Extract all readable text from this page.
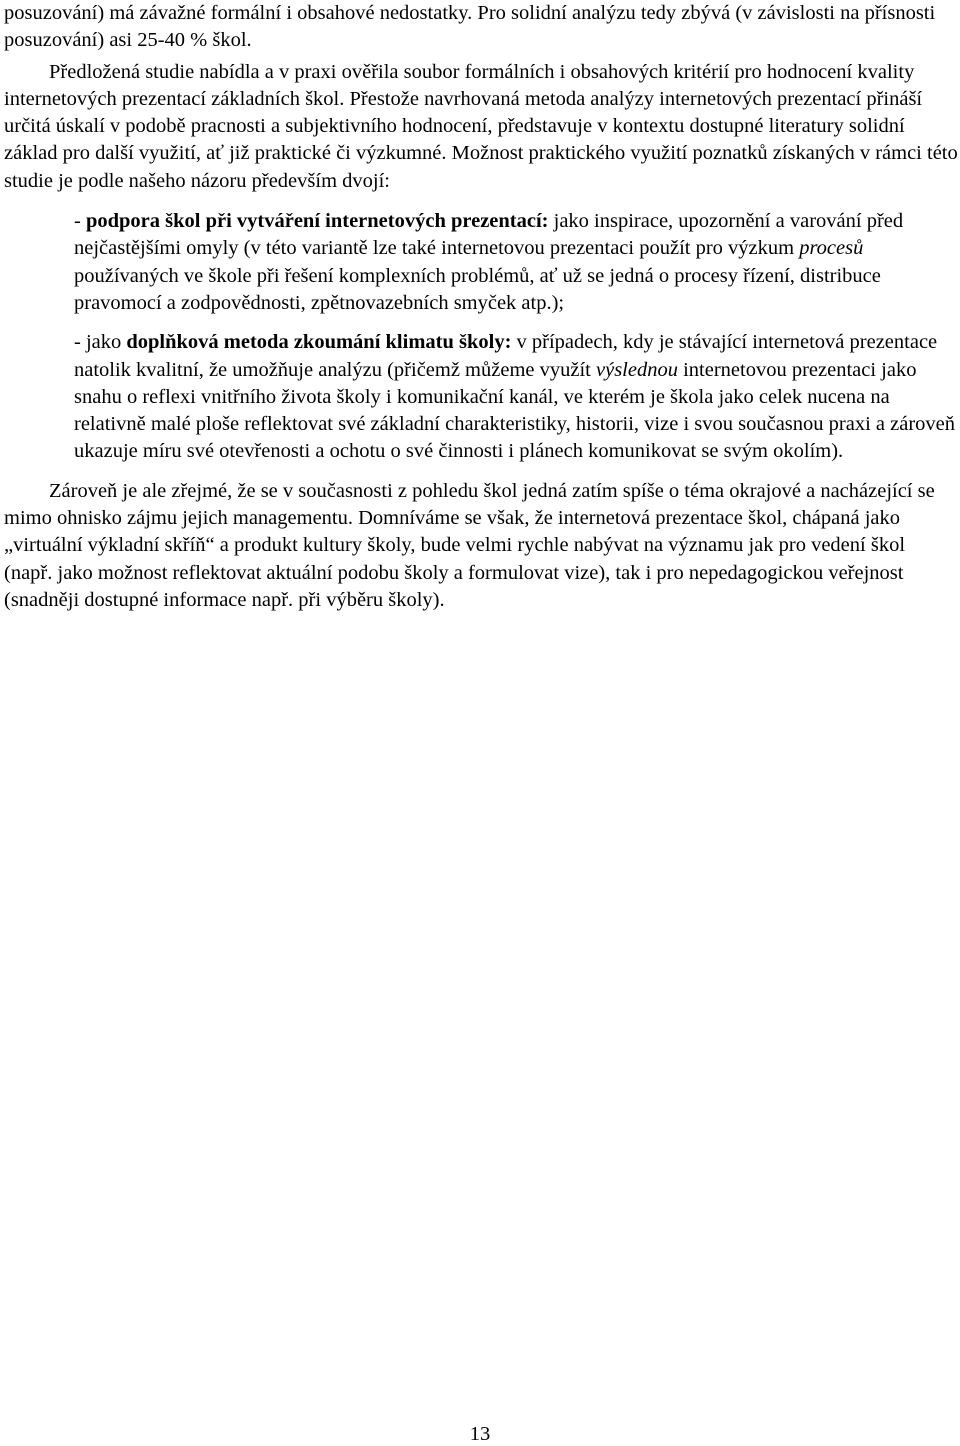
posuzování) má závažné formální i obsahové nedostatky. Pro solidní analýzu tedy zbývá (v závislosti na přísnosti posuzování) asi 25-40 % škol.

Předložená studie nabídla a v praxi ověřila soubor formálních i obsahových kritérií pro hodnocení kvality internetových prezentací základních škol. Přestože navrhovaná metoda analýzy internetových prezentací přináší určitá úskalí v podobě pracnosti a subjektivního hodnocení, představuje v kontextu dostupné literatury solidní základ pro další využití, ať již praktické či výzkumné. Možnost praktického využití poznatků získaných v rámci této studie je podle našeho názoru především dvojí:

- podpora škol při vytváření internetových prezentací: jako inspirace, upozornění a varování před nejčastějšími omyly (v této variantě lze také internetovou prezentaci použít pro výzkum procesů používaných ve škole při řešení komplexních problémů, ať už se jedná o procesy řízení, distribuce pravomocí a zodpovědnosti, zpětnovazebních smyček atp.);

- jako doplňková metoda zkoumání klimatu školy: v případech, kdy je stávající internetová prezentace natolik kvalitní, že umožňuje analýzu (přičemž můžeme využít výslednou internetovou prezentaci jako snahu o reflexi vnitřního života školy i komunikační kanál, ve kterém je škola jako celek nucena na relativně malé ploše reflektovat své základní charakteristiky, historii, vize i svou současnou praxi a zároveň ukazuje míru své otevřenosti a ochotu o své činnosti i plánech komunikovat se svým okolím).

Zároveň je ale zřejmé, že se v současnosti z pohledu škol jedná zatím spíše o téma okrajové a nacházející se mimo ohnisko zájmu jejich managementu. Domníváme se však, že internetová prezentace škol, chápaná jako „virtuální výkladní skříň“ a produkt kultury školy, bude velmi rychle nabývat na významu jak pro vedení škol (např. jako možnost reflektovat aktuální podobu školy a formulovat vize), tak i pro nepedagogickou veřejnost (snadněji dostupné informace např. při výběru školy).

13
